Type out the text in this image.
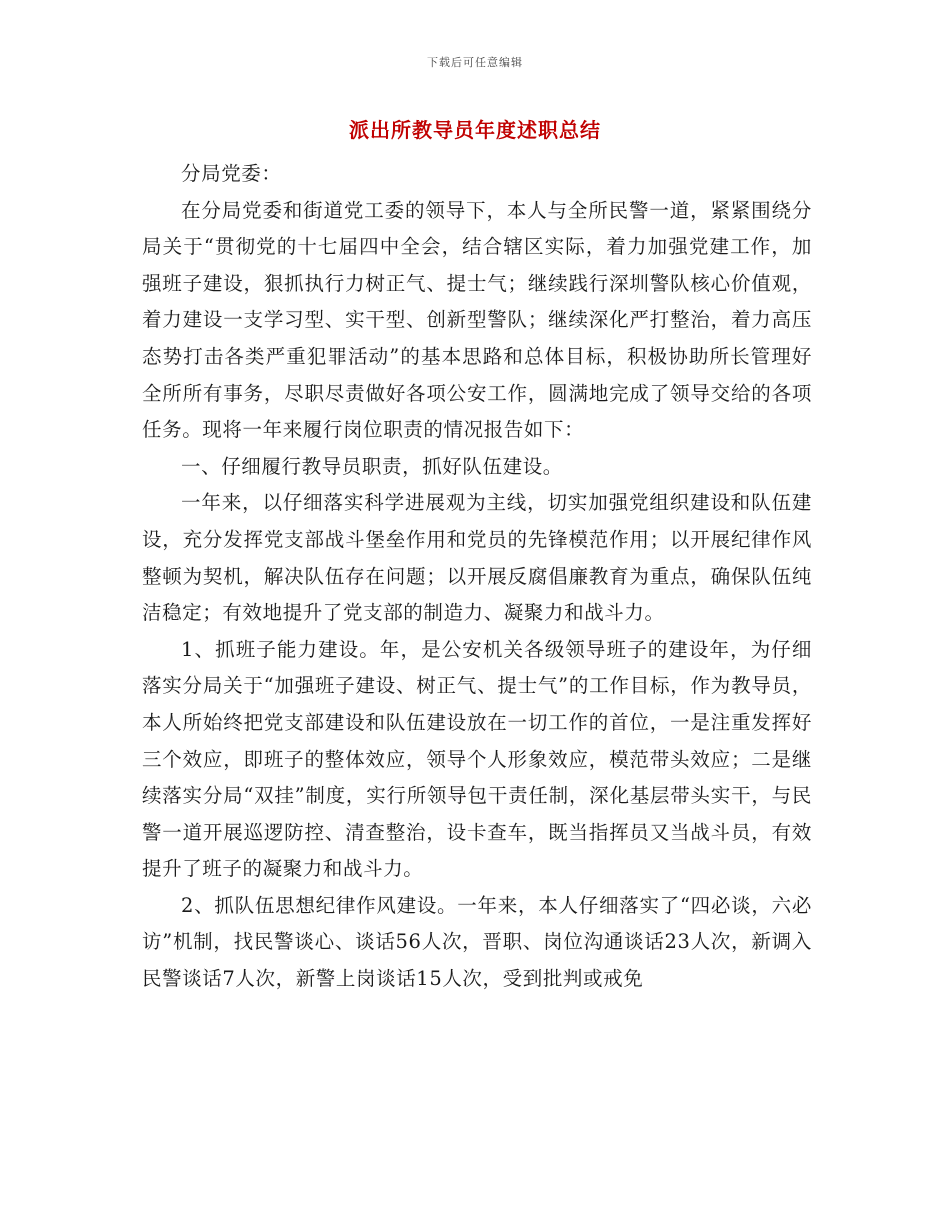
下载后可任意编辑
派出所教导员年度述职总结

分局党委：

在分局党委和街道党工委的领导下，本人与全所民警一道，紧紧围绕分局关于“贯彻党的十七届四中全会，结合辖区实际，着力加强党建工作，加强班子建设，狠抓执行力树正气、提士气；继续践行深圳警队核心价值观，着力建设一支学习型、实干型、创新型警队；继续深化严打整治，着力高压态势打击各类严重犯罪活动”的基本思路和总体目标，积极协助所长管理好全所所有事务，尽职尽责做好各项公安工作，圆满地完成了领导交给的各项任务。现将一年来履行岗位职责的情况报告如下：

一、仔细履行教导员职责，抓好队伍建设。

一年来，以仔细落实科学进展观为主线，切实加强党组织建设和队伍建设，充分发挥党支部战斗堡垒作用和党员的先锋模范作用；以开展纪律作风整顿为契机，解决队伍存在问题；以开展反腐倡廉教育为重点，确保队伍纯洁稳定；有效地提升了党支部的制造力、凝聚力和战斗力。

1、抓班子能力建设。年，是公安机关各级领导班子的建设年，为仔细落实分局关于“加强班子建设、树正气、提士气”的工作目标，作为教导员，本人所始终把党支部建设和队伍建设放在一切工作的首位，一是注重发挥好三个效应，即班子的整体效应，领导个人形象效应，模范带头效应；二是继续落实分局“双挂”制度，实行所领导包干责任制，深化基层带头实干，与民警一道开展巡逻防控、清查整治，设卡查车，既当指挥员又当战斗员，有效提升了班子的凝聚力和战斗力。

2、抓队伍思想纪律作风建设。一年来，本人仔细落实了“四必谈，六必访”机制，找民警谈心、谈话56人次，晋职、岗位沟通谈话23人次，新调入民警谈话7人次，新警上岗谈话15人次，受到批判或戒免
